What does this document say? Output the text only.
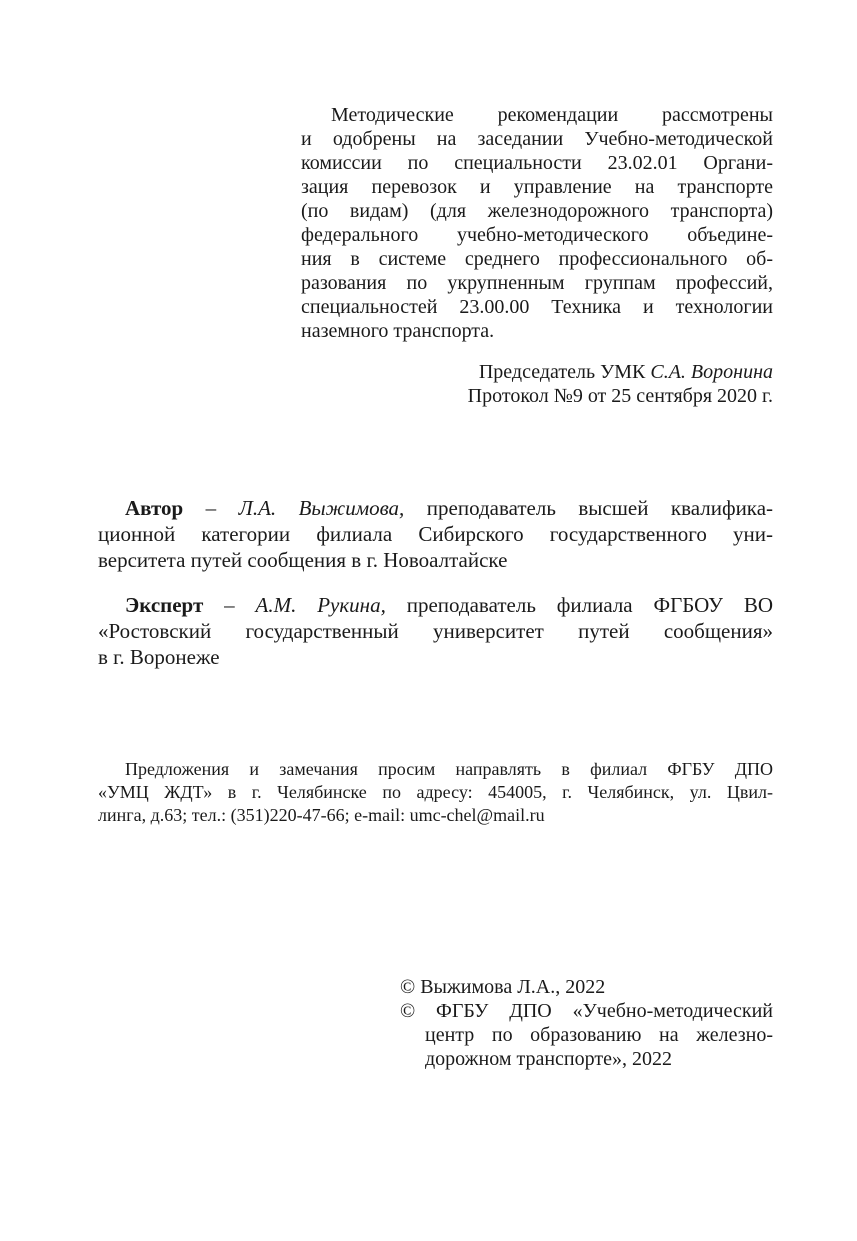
Методические рекомендации рассмотрены
и одобрены на заседании Учебно-методической
комиссии по специальности 23.02.01 Органи-
зация перевозок и управление на транспорте
(по видам) (для железнодорожного транспорта)
федерального учебно-методического объедине-
ния в системе среднего профессионального об-
разования по укрупненным группам профессий,
специальностей 23.00.00 Техника и технологии
наземного транспорта.
Председатель УМК
С.А. Воронина
Протокол №9 от 25 сентября 2020 г.
Автор – Л.А. Выжимова, преподаватель высшей квалифика-
ционной категории филиала Сибирского государственного уни-
верситета путей сообщения в г. Новоалтайске
Эксперт – А.М. Рукина, преподаватель филиала ФГБОУ ВО
«Ростовский государственный университет путей сообщения»
в г. Воронеже
Предложения и замечания просим направлять в филиал ФГБУ ДПО
«УМЦ ЖДТ» в г. Челябинске по адресу: 454005, г. Челябинск, ул. Цвил-
линга, д.63; тел.: (351)220-47-66; e-mail: umc-chel@mail.ru
© Выжимова Л.А., 2022
© ФГБУ ДПО «Учебно-методический
центр по образованию на железно-
дорожном транспорте», 2022
